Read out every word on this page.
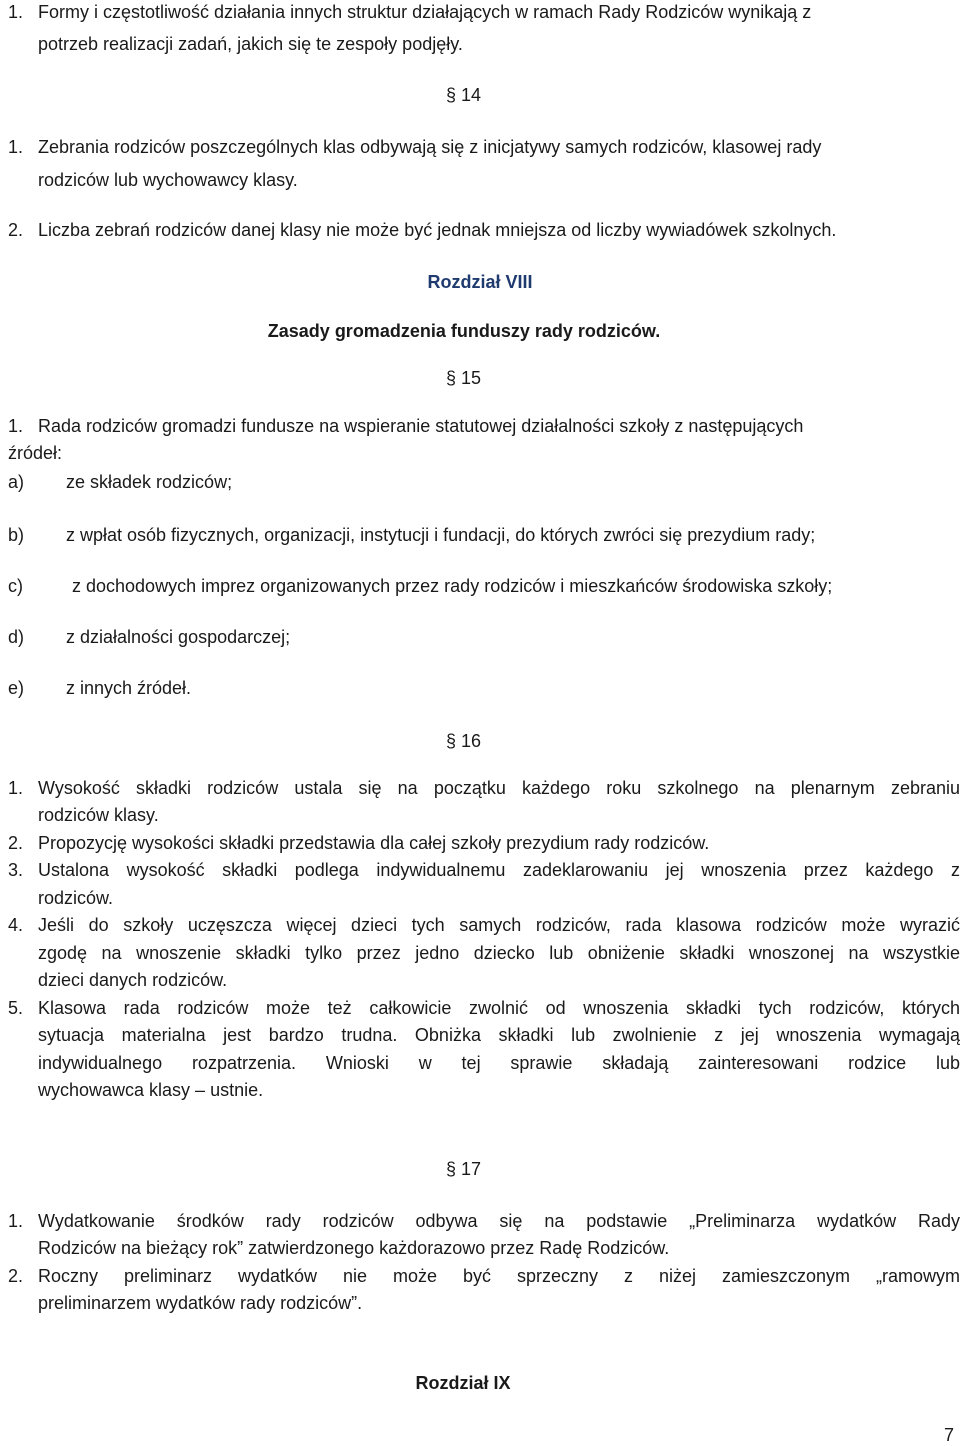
1. Formy i częstotliwość działania innych struktur działających w ramach Rady Rodziców wynikają z
potrzeb realizacji zadań, jakich się te zespoły podjęły.
§ 14
1. Zebrania rodziców poszczególnych klas odbywają się z inicjatywy samych rodziców, klasowej rady
rodziców lub wychowawcy klasy.
2. Liczba zebrań rodziców danej klasy nie może być jednak mniejsza od liczby wywiadówek szkolnych.
Rozdział VIII
Zasady gromadzenia funduszy rady rodziców.
§ 15
1. Rada rodziców gromadzi fundusze na wspieranie statutowej działalności szkoły z następujących
źródeł:
a) ze składek rodziców;
b) z wpłat osób fizycznych, organizacji, instytucji i fundacji, do których zwróci się prezydium rady;
c)	z dochodowych imprez organizowanych przez rady rodziców i mieszkańców środowiska szkoły;
d) z działalności gospodarczej;
e) z innych źródeł.
§ 16
1. Wysokość składki rodziców ustala się na początku każdego roku szkolnego na plenarnym zebraniu
rodziców klasy.
2. Propozycję wysokości składki przedstawia dla całej szkoły prezydium rady rodziców.
3. Ustalona wysokość składki podlega indywidualnemu zadeklarowaniu jej wnoszenia przez każdego z
rodziców.
4. Jeśli do szkoły uczęszcza więcej dzieci tych samych rodziców, rada klasowa rodziców może wyrazić
zgodę na wnoszenie składki tylko przez jedno dziecko lub obniżenie składki wnoszonej na wszystkie
dzieci danych rodziców.
5. Klasowa rada rodziców może też całkowicie zwolnić od wnoszenia składki tych rodziców, których
sytuacja materialna jest bardzo trudna. Obniżka składki lub zwolnienie z jej wnoszenia wymagają
indywidualnego rozpatrzenia. Wnioski w tej sprawie składają zainteresowani rodzice lub
wychowawca klasy – ustnie.
§ 17
1. Wydatkowanie środków rady rodziców odbywa się na podstawie „Preliminarza wydatków Rady
Rodziców na bieżący rok” zatwierdzonego każdorazowo przez Radę Rodziców.
2. Roczny preliminarz wydatków nie może być sprzeczny z niżej zamieszczonym „ramowym
preliminarzem wydatków rady rodziców”.
Rozdział IX
7
